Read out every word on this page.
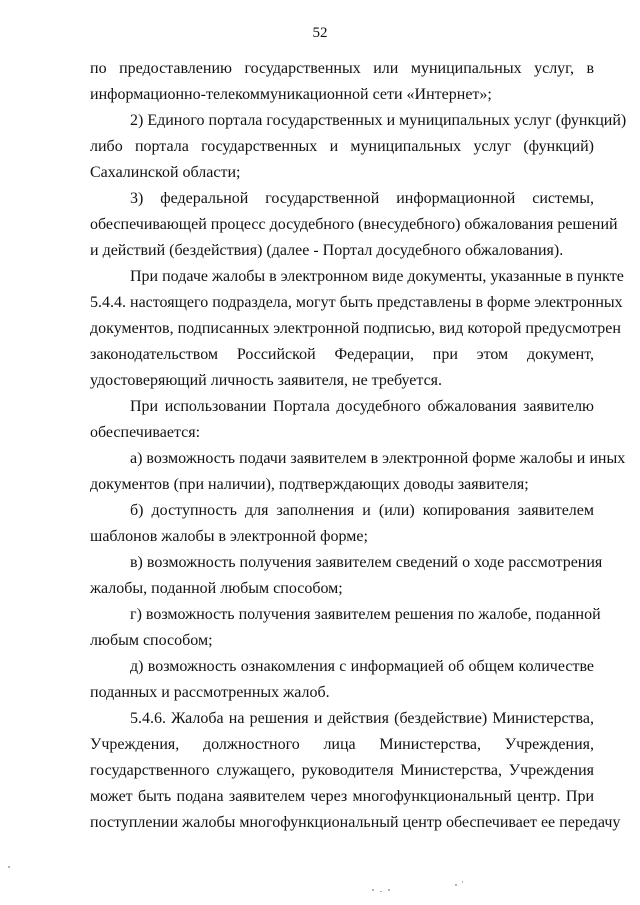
52
по предоставлению государственных или муниципальных услуг, в
информационно-телекоммуникационной сети «Интернет»;
2) Единого портала государственных и муниципальных услуг (функций)
либо портала государственных и муниципальных услуг (функций)
Сахалинской области;
3) федеральной государственной информационной системы,
обеспечивающей процесс досудебного (внесудебного) обжалования решений
и действий (бездействия) (далее - Портал досудебного обжалования).
При подаче жалобы в электронном виде документы, указанные в пункте
5.4.4. настоящего подраздела, могут быть представлены в форме электронных
документов, подписанных электронной подписью, вид которой предусмотрен
законодательством Российской Федерации, при этом документ,
удостоверяющий личность заявителя, не требуется.
При использовании Портала досудебного обжалования заявителю
обеспечивается:
а) возможность подачи заявителем в электронной форме жалобы и иных
документов (при наличии), подтверждающих доводы заявителя;
б) доступность для заполнения и (или) копирования заявителем
шаблонов жалобы в электронной форме;
в) возможность получения заявителем сведений о ходе рассмотрения
жалобы, поданной любым способом;
г) возможность получения заявителем решения по жалобе, поданной
любым способом;
д) возможность ознакомления с информацией об общем количестве
поданных и рассмотренных жалоб.
5.4.6. Жалоба на решения и действия (бездействие) Министерства,
Учреждения, должностного лица Министерства, Учреждения,
государственного служащего, руководителя Министерства, Учреждения
может быть подана заявителем через многофункциональный центр. При
поступлении жалобы многофункциональный центр обеспечивает ее передачу
